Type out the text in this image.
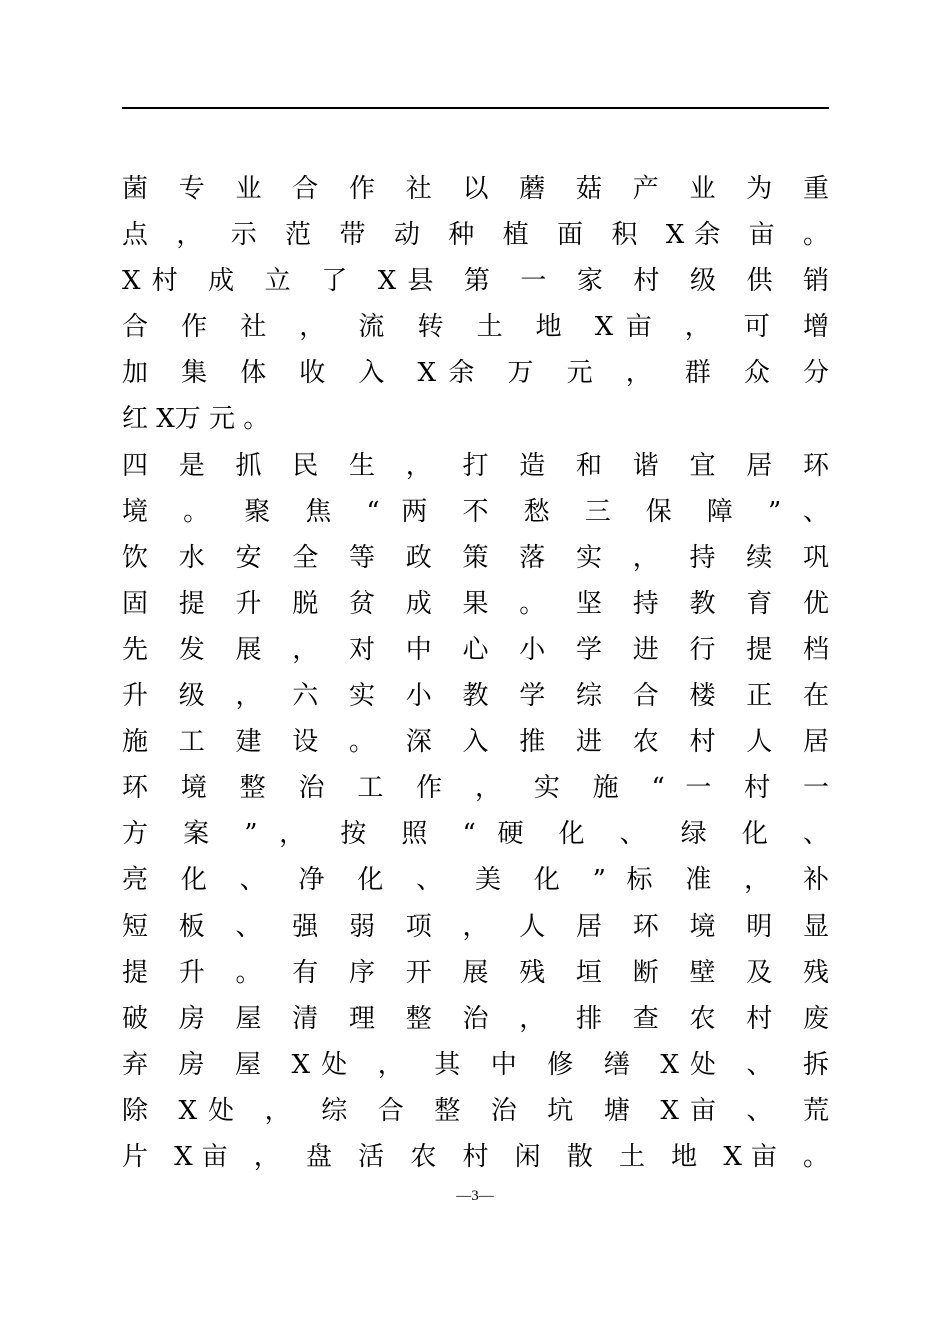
菌 专 业 合 作 社 以 蘑 菇 产 业 为 重
点 ， 示 范 带 动 种 植 面 积 X余 亩 。
X村 成 立 了 X县 第 一 家 村 级 供 销
合 作 社 ， 流 转 土 地 X亩 ， 可 增
加 集 体 收 入 X余 万 元 ， 群 众 分
红 X万 元 。
四 是 抓 民 生 ， 打 造 和 谐 宜 居 环
境 。 聚 焦 “ 两 不 愁 三 保 障 ” 、
饮 水 安 全 等 政 策 落 实 ， 持 续 巩
固 提 升 脱 贫 成 果 。 坚 持 教 育 优
先 发 展 ， 对 中 心 小 学 进 行 提 档
升 级 ， 六 实 小 教 学 综 合 楼 正 在
施 工 建 设 。 深 入 推 进 农 村 人 居
环 境 整 治 工 作 ， 实 施 “ 一 村 一
方 案 ” ， 按 照 “ 硬 化 、 绿 化 、
亮 化 、 净 化 、 美 化 ” 标 准 ， 补
短 板 、 强 弱 项 ， 人 居 环 境 明 显
提 升 。 有 序 开 展 残 垣 断 壁 及 残
破 房 屋 清 理 整 治 ， 排 查 农 村 废
弃 房 屋 X处 ， 其 中 修 缮 X处 、 拆
除 X处 ， 综 合 整 治 坑 塘 X亩 、 荒
片 X亩 ， 盘 活 农 村 闲 散 土 地 X亩 。
—3—
